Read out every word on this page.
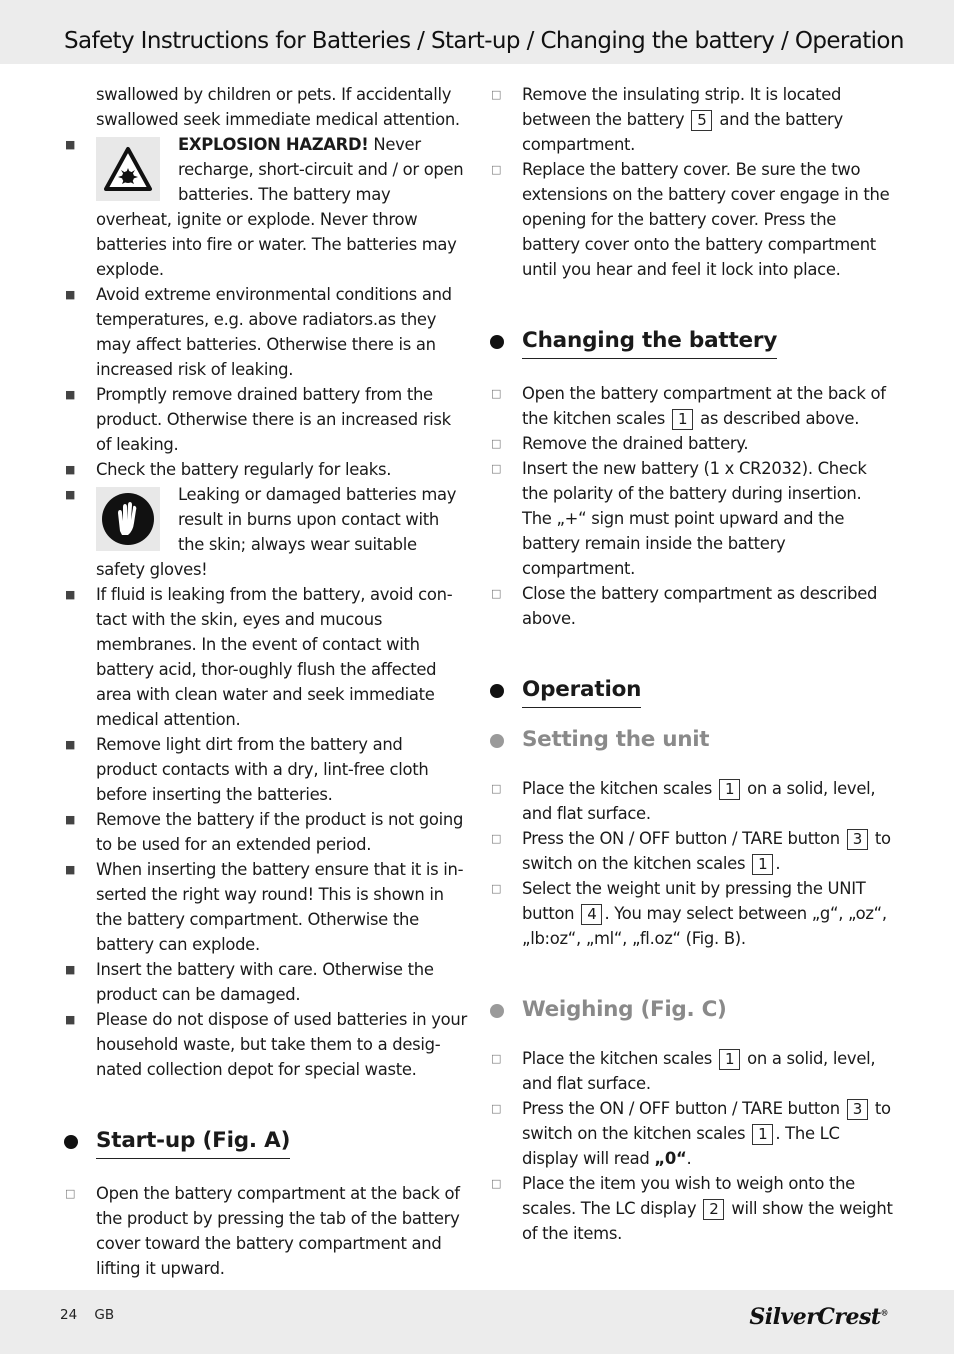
Safety Instructions for Batteries / Start-up / Changing the battery / Operation

swallowed by children or pets. If accidentally swallowed seek immediate medical attention.

■	EXPLOSION HAZARD! Never recharge, short-circuit and / or open batteries. The battery may overheat, ignite or explode. Never throw batteries into fire or water. The batteries may explode.

■ Avoid extreme environmental conditions and temperatures, e.g. above radiators.as they may affect batteries. Otherwise there is an increased risk of leaking.

■ Promptly remove drained battery from the product. Otherwise there is an increased risk of leaking.

■ Check the battery regularly for leaks.

■	Leaking or damaged batteries may result in burns upon contact with the skin; always wear suitable safety gloves!

■ If fluid is leaking from the battery, avoid con-tact with the skin, eyes and mucous membranes. In the event of contact with battery acid, thor-oughly flush the affected area with clean water and seek immediate medical attention.

■ Remove light dirt from the battery and product contacts with a dry, lint-free cloth before inserting the batteries.

■ Remove the battery if the product is not going to be used for an extended period.

■ When inserting the battery ensure that it is in-serted the right way round! This is shown in the battery compartment. Otherwise the battery can explode.

■ Insert the battery with care. Otherwise the product can be damaged.

■ Please do not dispose of used batteries in your household waste, but take them to a desig-nated collection depot for special waste.

Start-up (Fig. A)

□ Open the battery compartment at the back of the product by pressing the tab of the battery cover toward the battery compartment and lifting it upward.

□ Remove the insulating strip. It is located between the battery 5 and the battery compartment.

□ Replace the battery cover. Be sure the two extensions on the battery cover engage in the opening for the battery cover. Press the battery cover onto the battery compartment until you hear and feel it lock into place.

Changing the battery

□ Open the battery compartment at the back of the kitchen scales 1 as described above.

□ Remove the drained battery.

□ Insert the new battery (1 x CR2032). Check the polarity of the battery during insertion. The „+“ sign must point upward and the battery remain inside the battery compartment.

□ Close the battery compartment as described above.

Operation
Setting the unit

□ Place the kitchen scales 1 on a solid, level, and flat surface.

□ Press the ON / OFF button / TARE button 3 to switch on the kitchen scales 1 .

□ Select the weight unit by pressing the UNIT button 4 . You may select between „g“, „oz“, „lb:oz“, „ml“, „fl.oz“ (Fig. B).

Weighing (Fig. C)

□ Place the kitchen scales 1 on a solid, level, and flat surface.

□ Press the ON / OFF button / TARE button 3 to switch on the kitchen scales 1 . The LC display will read „0“.

□ Place the item you wish to weigh onto the scales. The LC display 2 will show the weight of the items.

24 GB	SilverCrest®
